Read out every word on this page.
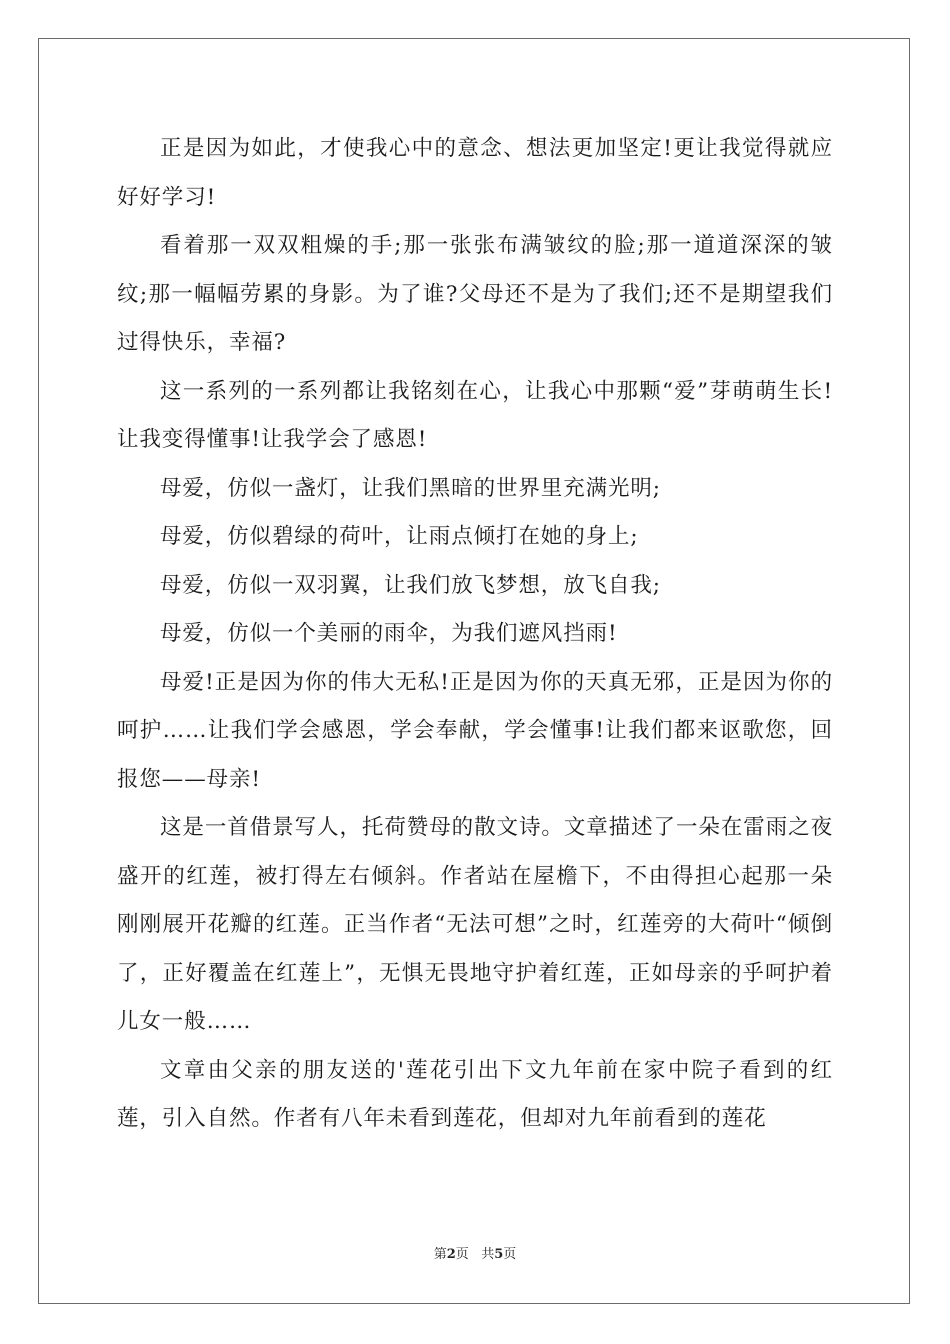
正是因为如此，才使我心中的意念、想法更加坚定!更让我觉得就应好好学习!

看着那一双双粗燥的手;那一张张布满皱纹的脸;那一道道深深的皱纹;那一幅幅劳累的身影。为了谁?父母还不是为了我们;还不是期望我们过得快乐，幸福?

这一系列的一系列都让我铭刻在心，让我心中那颗“爱”芽萌萌生长!让我变得懂事!让我学会了感恩!

母爱，仿似一盏灯，让我们黑暗的世界里充满光明;

母爱，仿似碧绿的荷叶，让雨点倾打在她的身上;

母爱，仿似一双羽翼，让我们放飞梦想，放飞自我;

母爱，仿似一个美丽的雨伞，为我们遮风挡雨!

母爱!正是因为你的伟大无私!正是因为你的天真无邪，正是因为你的呵护……让我们学会感恩，学会奉献，学会懂事!让我们都来讴歌您，回报您——母亲!

这是一首借景写人，托荷赞母的散文诗。文章描述了一朵在雷雨之夜盛开的红莲，被打得左右倾斜。作者站在屋檐下，不由得担心起那一朵刚刚展开花瓣的红莲。正当作者“无法可想”之时，红莲旁的大荷叶“倾倒了，正好覆盖在红莲上”，无惧无畏地守护着红莲，正如母亲的乎呵护着儿女一般……

文章由父亲的朋友送的'莲花引出下文九年前在家中院子看到的红莲，引入自然。作者有八年未看到莲花，但却对九年前看到的莲花

第2页 共5页
